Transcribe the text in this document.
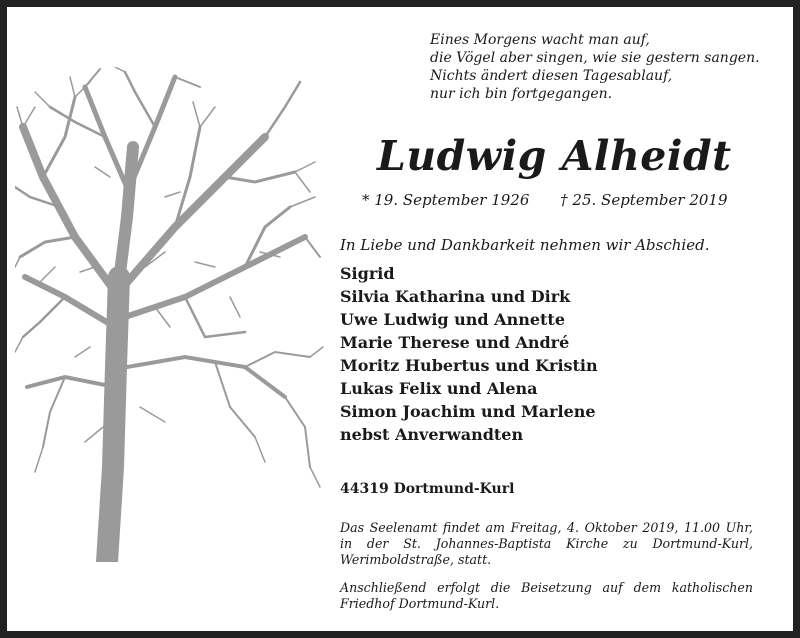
Eines Morgens wacht man auf,
die Vögel aber singen, wie sie gestern sangen.
Nichts ändert diesen Tagesablauf,
nur ich bin fortgegangen.
Ludwig Alheidt
* 19. September 1926 † 25. September 2019
In Liebe und Dankbarkeit nehmen wir Abschied.
Sigrid
Silvia Katharina und Dirk
Uwe Ludwig und Annette
Marie Therese und André
Moritz Hubertus und Kristin
Lukas Felix und Alena
Simon Joachim und Marlene
nebst Anverwandten
44319 Dortmund-Kurl
Das Seelenamt findet am Freitag, 4. Oktober 2019, 11.00 Uhr, in der St. Johannes-Baptista Kirche zu Dortmund-Kurl, Werimboldstraße, statt.
Anschließend erfolgt die Beisetzung auf dem katholischen Friedhof Dortmund-Kurl.
